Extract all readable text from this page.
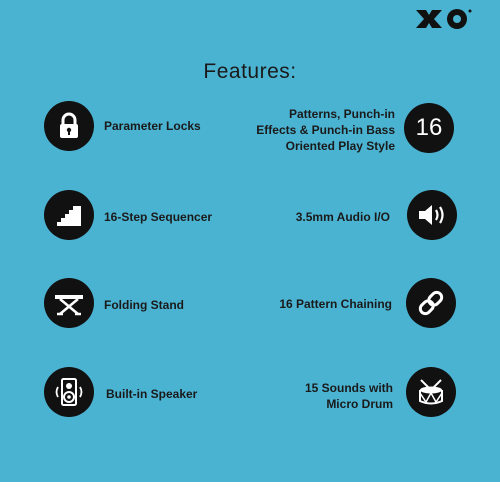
Features:
Parameter Locks
16-Step Sequencer
Folding Stand
Built-in Speaker
Patterns, Punch-in
Effects & Punch-in Bass
Oriented Play Style
16
3.5mm Audio I/O
16 Pattern Chaining
15 Sounds with
Micro Drum
